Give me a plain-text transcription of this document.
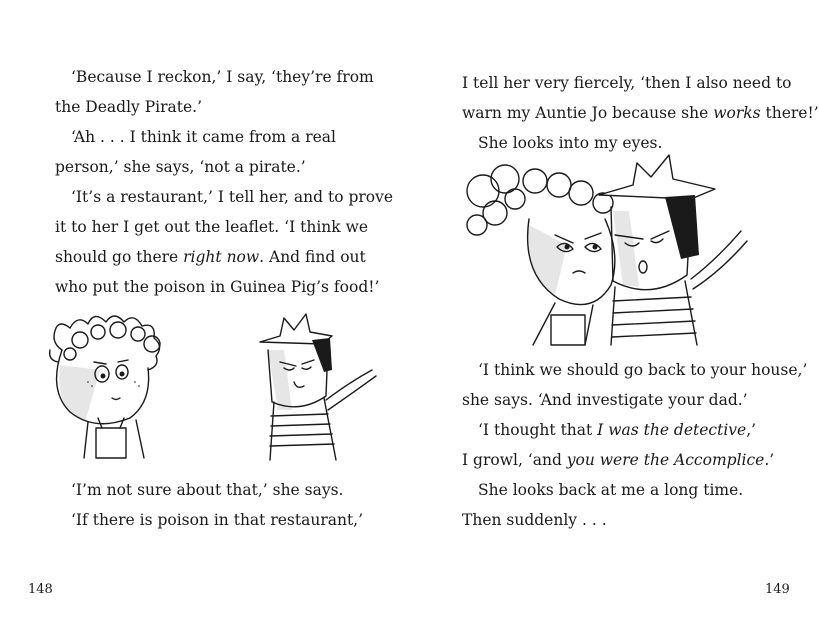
‘Because I reckon,’ I say, ‘they’re from
the Deadly Pirate.’
‘Ah . . . I think it came from a real
person,’ she says, ‘not a pirate.’
‘It’s a restaurant,’ I tell her, and to prove
it to her I get out the leaflet. ‘I think we
should go there right now. And find out
who put the poison in Guinea Pig’s food!’
‘I’m not sure about that,’ she says.
‘If there is poison in that restaurant,’
148
I tell her very fiercely, ‘then I also need to
warn my Auntie Jo because she works there!’
She looks into my eyes.
‘I think we should go back to your house,’
she says. ‘And investigate your dad.’
‘I thought that I was the detective,’
I growl, ‘and you were the Accomplice.’
She looks back at me a long time.
Then suddenly . . .
149
